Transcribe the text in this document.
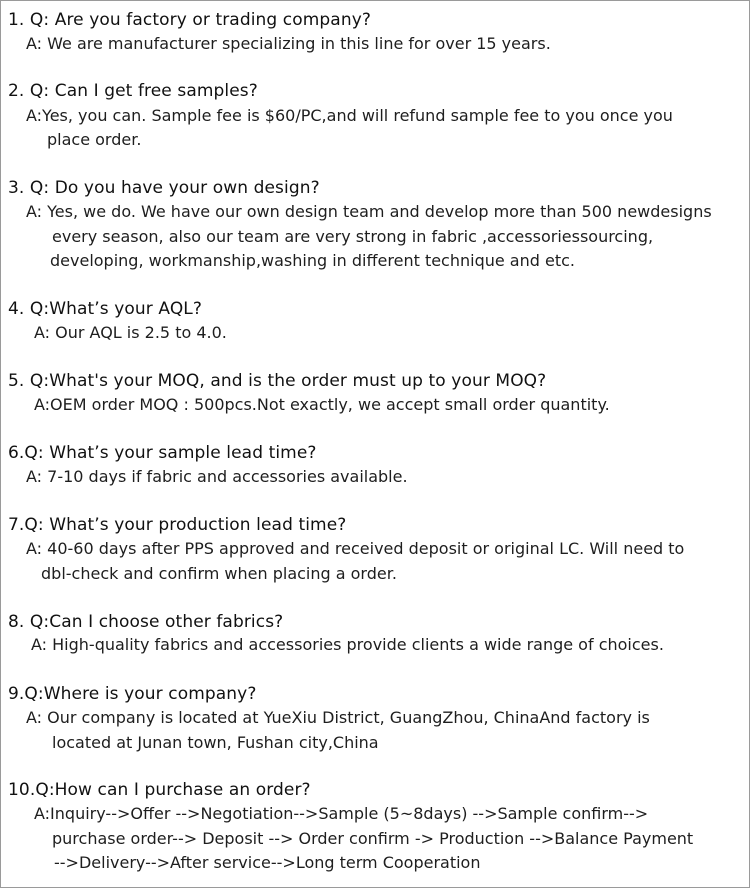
1. Q: Are you factory or trading company?
A: We are manufacturer specializing in this line for over 15 years.
2. Q: Can I get free samples?
A:Yes, you can. Sample fee is $60/PC,and will refund sample fee to you once you
place order.
3. Q: Do you have your own design?
A: Yes, we do. We have our own design team and develop more than 500 newdesigns
every season, also our team are very strong in fabric ,accessoriessourcing,
developing, workmanship,washing in different technique and etc.
4. Q:What’s your AQL?
A: Our AQL is 2.5 to 4.0.
5. Q:What's your MOQ, and is the order must up to your MOQ?
A:OEM order MOQ : 500pcs.Not exactly, we accept small order quantity.
6.Q: What’s your sample lead time?
A: 7-10 days if fabric and accessories available.
7.Q: What’s your production lead time?
A: 40-60 days after PPS approved and received deposit or original LC. Will need to
dbl-check and confirm when placing a order.
8. Q:Can I choose other fabrics?
A: High-quality fabrics and accessories provide clients a wide range of choices.
9.Q:Where is your company?
A: Our company is located at YueXiu District, GuangZhou, ChinaAnd factory is
located at Junan town, Fushan city,China
10.Q:How can I purchase an order?
A:Inquiry-->Offer -->Negotiation-->Sample (5~8days) -->Sample confirm-->
purchase order--> Deposit --> Order confirm -> Production -->Balance Payment
-->Delivery-->After service-->Long term Cooperation
